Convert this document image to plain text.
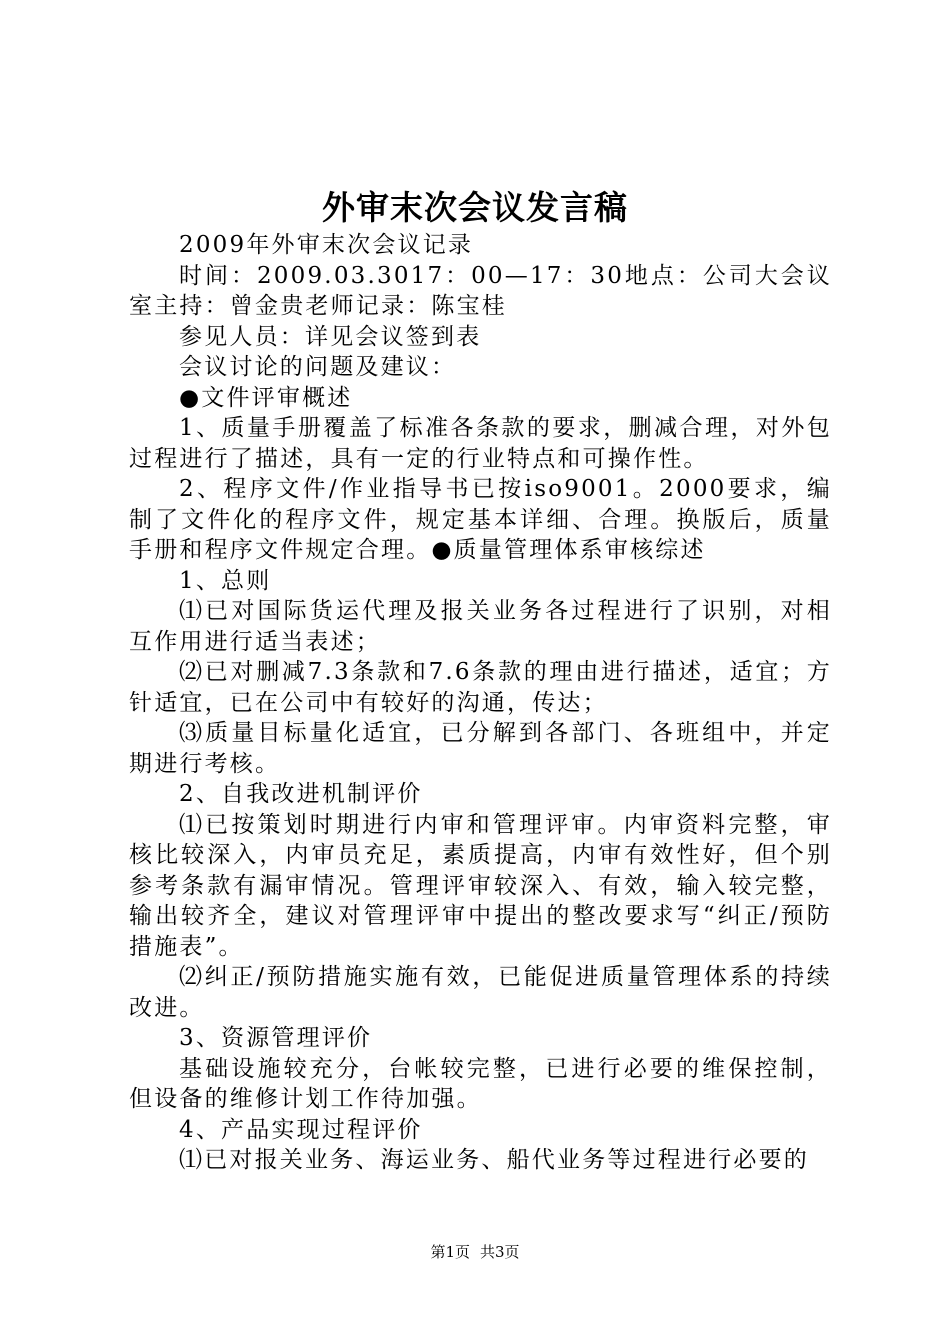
外审末次会议发言稿

2009年外审末次会议记录

时间：2009.03.3017：00—17：30地点：公司大会议室主持：曾金贵老师记录：陈宝桂

参见人员：详见会议签到表

会议讨论的问题及建议：

●文件评审概述

1、质量手册覆盖了标准各条款的要求，删减合理，对外包过程进行了描述，具有一定的行业特点和可操作性。

2、程序文件/作业指导书已按iso9001。2000要求，编制了文件化的程序文件，规定基本详细、合理。换版后，质量手册和程序文件规定合理。●质量管理体系审核综述

1、总则

⑴已对国际货运代理及报关业务各过程进行了识别，对相互作用进行适当表述；

⑵已对删减7.3条款和7.6条款的理由进行描述，适宜；方针适宜，已在公司中有较好的沟通，传达；

⑶质量目标量化适宜，已分解到各部门、各班组中，并定期进行考核。

2、自我改进机制评价

⑴已按策划时期进行内审和管理评审。内审资料完整，审核比较深入，内审员充足，素质提高，内审有效性好，但个别参考条款有漏审情况。管理评审较深入、有效，输入较完整，输出较齐全，建议对管理评审中提出的整改要求写“纠正/预防措施表”。

⑵纠正/预防措施实施有效，已能促进质量管理体系的持续改进。

3、资源管理评价

基础设施较充分，台帐较完整，已进行必要的维保控制，但设备的维修计划工作待加强。

4、产品实现过程评价

⑴已对报关业务、海运业务、船代业务等过程进行必要的

第1页 共3页
